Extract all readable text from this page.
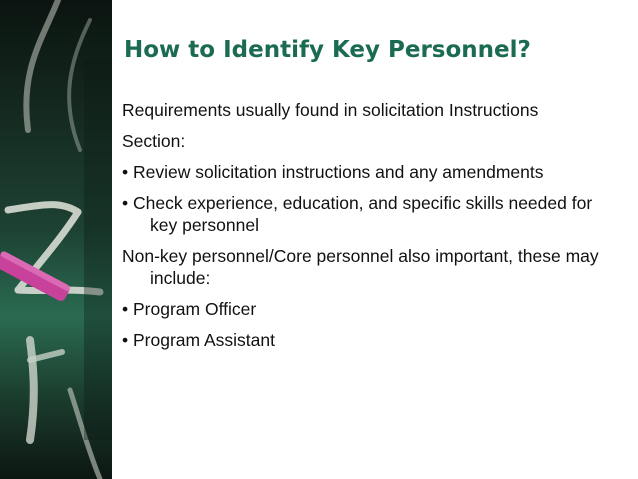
How to Identify Key Personnel?

Requirements usually found in solicitation Instructions

Section:

• Review solicitation instructions and any amendments

• Check experience, education, and specific skills needed for key personnel

Non-key personnel/Core personnel also important, these may include:

• Program Officer

• Program Assistant
